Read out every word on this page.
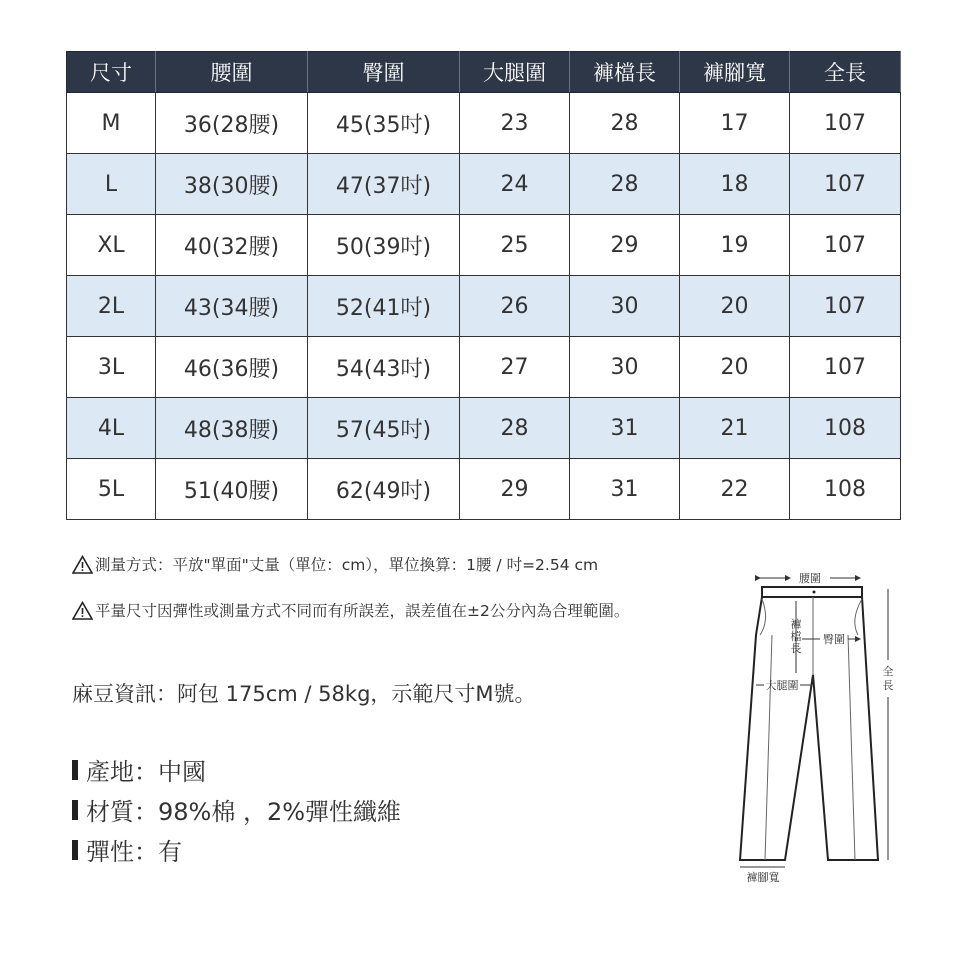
尺寸	腰圍	臀圍	大腿圍	褲檔長	褲腳寬	全長
M	36(28腰)	45(35吋)	23	28	17	107
L	38(30腰)	47(37吋)	24	28	18	107
XL	40(32腰)	50(39吋)	25	29	19	107
2L	43(34腰)	52(41吋)	26	30	20	107
3L	46(36腰)	54(43吋)	27	30	20	107
4L	48(38腰)	57(45吋)	28	31	21	108
5L	51(40腰)	62(49吋)	29	31	22	108
測量方式：平放"單面"丈量（單位：cm），單位換算：1腰 / 吋=2.54 cm
平量尺寸因彈性或測量方式不同而有所誤差，誤差值在±2公分內為合理範圍。
麻豆資訊：阿包 175cm / 58kg，示範尺寸M號。
產地：中國
材質：98%棉 ，2%彈性纖維
彈性：有
腰圍
褲
檔
長
臀圍
大腿圍
全
長
褲腳寬
